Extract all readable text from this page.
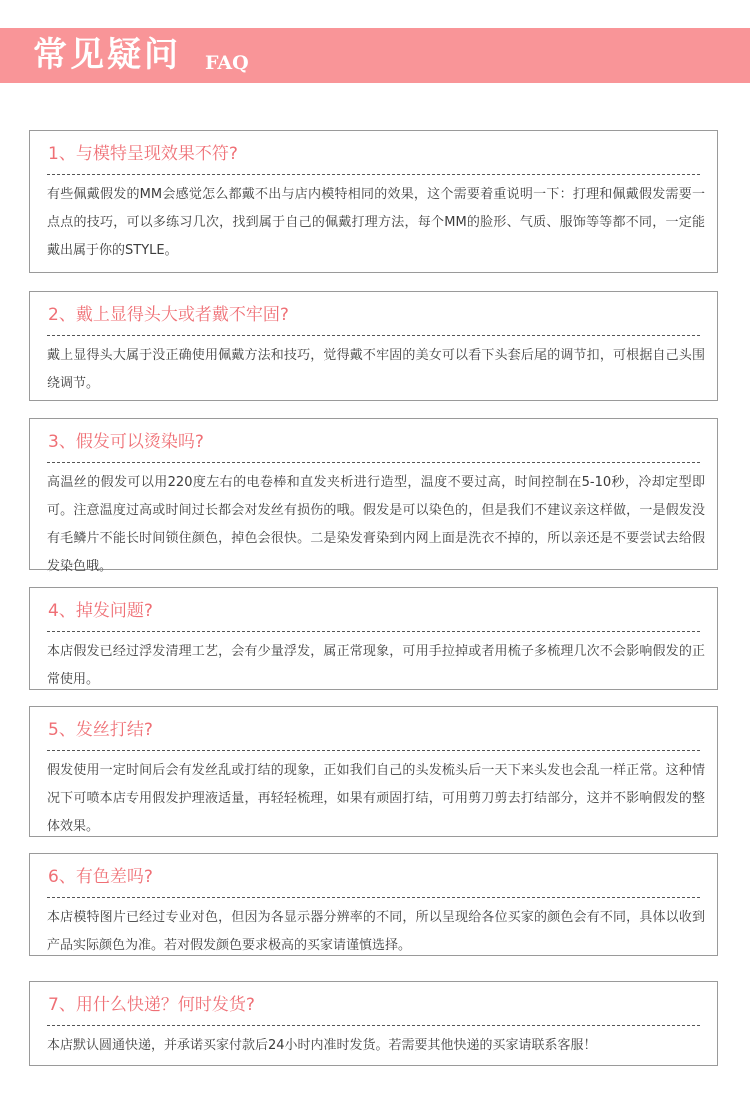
常见疑问 FAQ
1、与模特呈现效果不符?
有些佩戴假发的MM会感觉怎么都戴不出与店内模特相同的效果，这个需要着重说明一下：打理和佩戴假发需要一点点的技巧，可以多练习几次，找到属于自己的佩戴打理方法，每个MM的脸形、气质、服饰等等都不同，一定能戴出属于你的STYLE。
2、戴上显得头大或者戴不牢固?
戴上显得头大属于没正确使用佩戴方法和技巧，觉得戴不牢固的美女可以看下头套后尾的调节扣，可根据自己头围绕调节。
3、假发可以烫染吗?
高温丝的假发可以用220度左右的电卷棒和直发夹析进行造型，温度不要过高，时间控制在5-10秒，冷却定型即可。注意温度过高或时间过长都会对发丝有损伤的哦。假发是可以染色的，但是我们不建议亲这样做，一是假发没有毛鳞片不能长时间锁住颜色，掉色会很快。二是染发膏染到内网上面是洗衣不掉的，所以亲还是不要尝试去给假发染色哦。
4、掉发问题?
本店假发已经过浮发清理工艺，会有少量浮发，属正常现象，可用手拉掉或者用梳子多梳理几次不会影响假发的正常使用。
5、发丝打结?
假发使用一定时间后会有发丝乱或打结的现象，正如我们自己的头发梳头后一天下来头发也会乱一样正常。这种情况下可喷本店专用假发护理液适量，再轻轻梳理，如果有顽固打结，可用剪刀剪去打结部分，这并不影响假发的整体效果。
6、有色差吗?
本店模特图片已经过专业对色，但因为各显示器分辨率的不同，所以呈现给各位买家的颜色会有不同，具体以收到产品实际颜色为准。若对假发颜色要求极高的买家请谨慎选择。
7、用什么快递？何时发货?
本店默认圆通快递，并承诺买家付款后24小时内准时发货。若需要其他快递的买家请联系客服！
